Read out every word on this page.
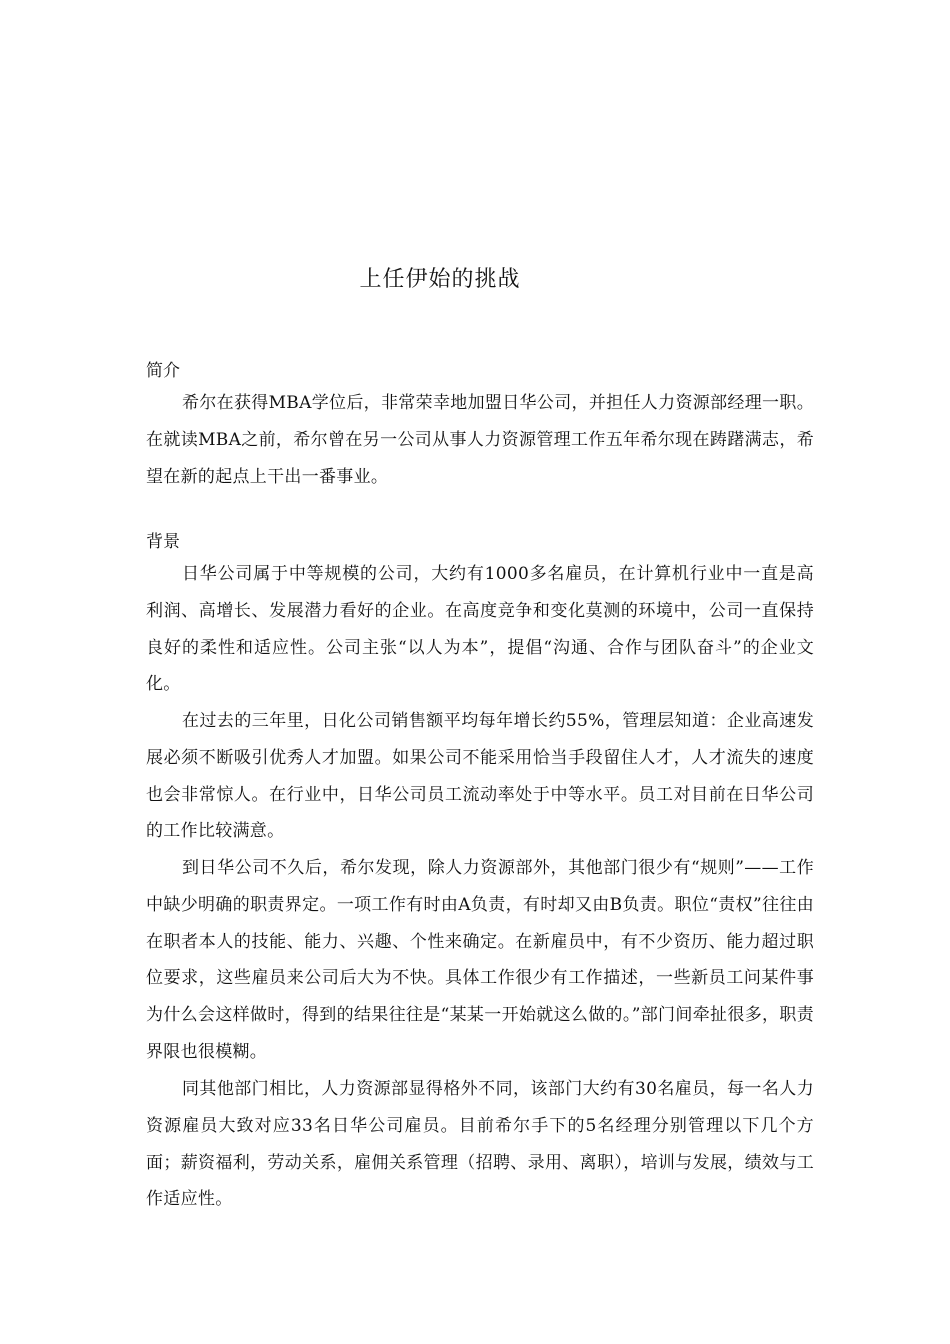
上任伊始的挑战
简介
希尔在获得MBA学位后，非常荣幸地加盟日华公司，并担任人力资源部经理一职。在就读MBA之前，希尔曾在另一公司从事人力资源管理工作五年希尔现在踌躇满志，希望在新的起点上干出一番事业。
背景
日华公司属于中等规模的公司，大约有1000多名雇员，在计算机行业中一直是高利润、高增长、发展潜力看好的企业。在高度竞争和变化莫测的环境中，公司一直保持良好的柔性和适应性。公司主张“以人为本”，提倡“沟通、合作与团队奋斗”的企业文化。
在过去的三年里，日化公司销售额平均每年增长约55%，管理层知道：企业高速发展必须不断吸引优秀人才加盟。如果公司不能采用恰当手段留住人才，人才流失的速度也会非常惊人。在行业中，日华公司员工流动率处于中等水平。员工对目前在日华公司的工作比较满意。
到日华公司不久后，希尔发现，除人力资源部外，其他部门很少有“规则”——工作中缺少明确的职责界定。一项工作有时由A负责，有时却又由B负责。职位“责权”往往由在职者本人的技能、能力、兴趣、个性来确定。在新雇员中，有不少资历、能力超过职位要求，这些雇员来公司后大为不快。具体工作很少有工作描述，一些新员工问某件事为什么会这样做时，得到的结果往往是“某某一开始就这么做的。”部门间牵扯很多，职责界限也很模糊。
同其他部门相比，人力资源部显得格外不同，该部门大约有30名雇员，每一名人力资源雇员大致对应33名日华公司雇员。目前希尔手下的5名经理分别管理以下几个方面；薪资福利，劳动关系，雇佣关系管理（招聘、录用、离职），培训与发展，绩效与工作适应性。
